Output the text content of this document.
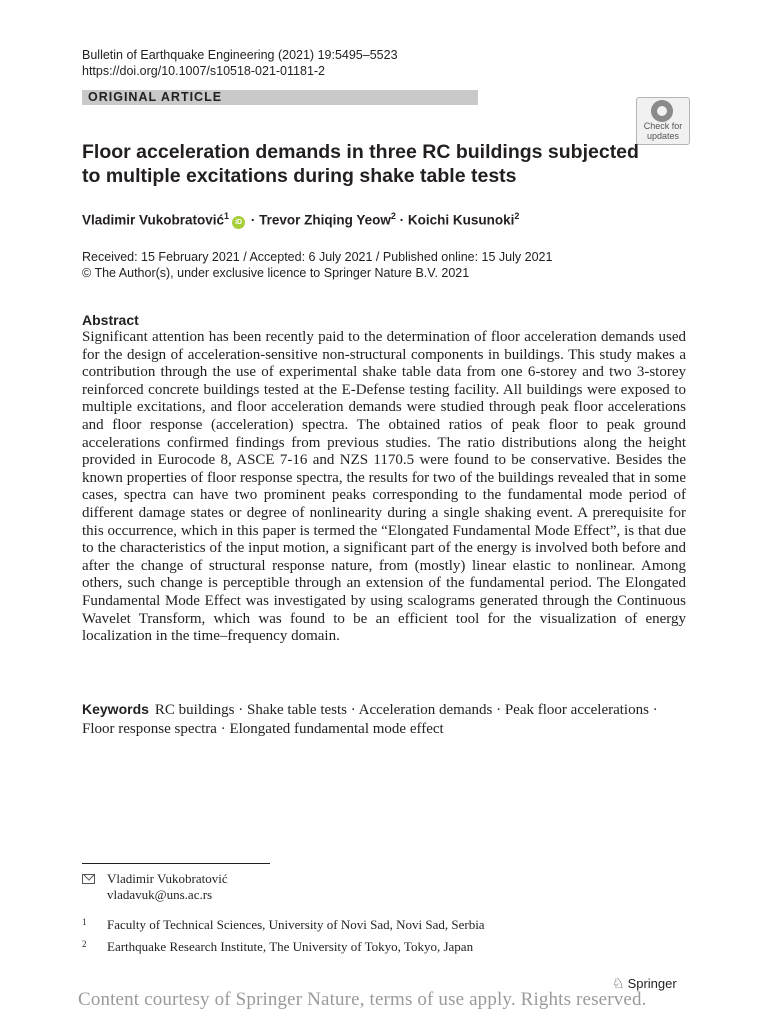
Bulletin of Earthquake Engineering (2021) 19:5495–5523
https://doi.org/10.1007/s10518-021-01181-2
ORIGINAL ARTICLE
Check for
updates
Floor acceleration demands in three RC buildings subjected to multiple excitations during shake table tests
Vladimir Vukobratović$^1$iD · Trevor Zhiqing Yeow$^2$ · Koichi Kusunoki$^2$
Received: 15 February 2021 / Accepted: 6 July 2021 / Published online: 15 July 2021
© The Author(s), under exclusive licence to Springer Nature B.V. 2021
Abstract
Significant attention has been recently paid to the determination of floor acceleration demands used for the design of acceleration-sensitive non-structural components in buildings. This study makes a contribution through the use of experimental shake table data from one 6-storey and two 3-storey reinforced concrete buildings tested at the E-Defense testing facility. All buildings were exposed to multiple excitations, and floor acceleration demands were studied through peak floor accelerations and floor response (acceleration) spectra. The obtained ratios of peak floor to peak ground accelerations confirmed findings from previous studies. The ratio distributions along the height provided in Eurocode 8, ASCE 7-16 and NZS 1170.5 were found to be conservative. Besides the known properties of floor response spectra, the results for two of the buildings revealed that in some cases, spectra can have two prominent peaks corresponding to the fundamental mode period of different damage states or degree of nonlinearity during a single shaking event. A prerequisite for this occurrence, which in this paper is termed the “Elongated Fundamental Mode Effect”, is that due to the characteristics of the input motion, a significant part of the energy is involved both before and after the change of structural response nature, from (mostly) linear elastic to nonlinear. Among others, such change is perceptible through an extension of the fundamental period. The Elongated Fundamental Mode Effect was investigated by using scalograms generated through the Continuous Wavelet Transform, which was found to be an efficient tool for the visualization of energy localization in the time–frequency domain.
Keywords RC buildings · Shake table tests · Acceleration demands · Peak floor accelerations · Floor response spectra · Elongated fundamental mode effect
Vladimir Vukobratović
vladavuk@uns.ac.rs
1 Faculty of Technical Sciences, University of Novi Sad, Novi Sad, Serbia
2 Earthquake Research Institute, The University of Tokyo, Tokyo, Japan
♘ Springer
Content courtesy of Springer Nature, terms of use apply. Rights reserved.
